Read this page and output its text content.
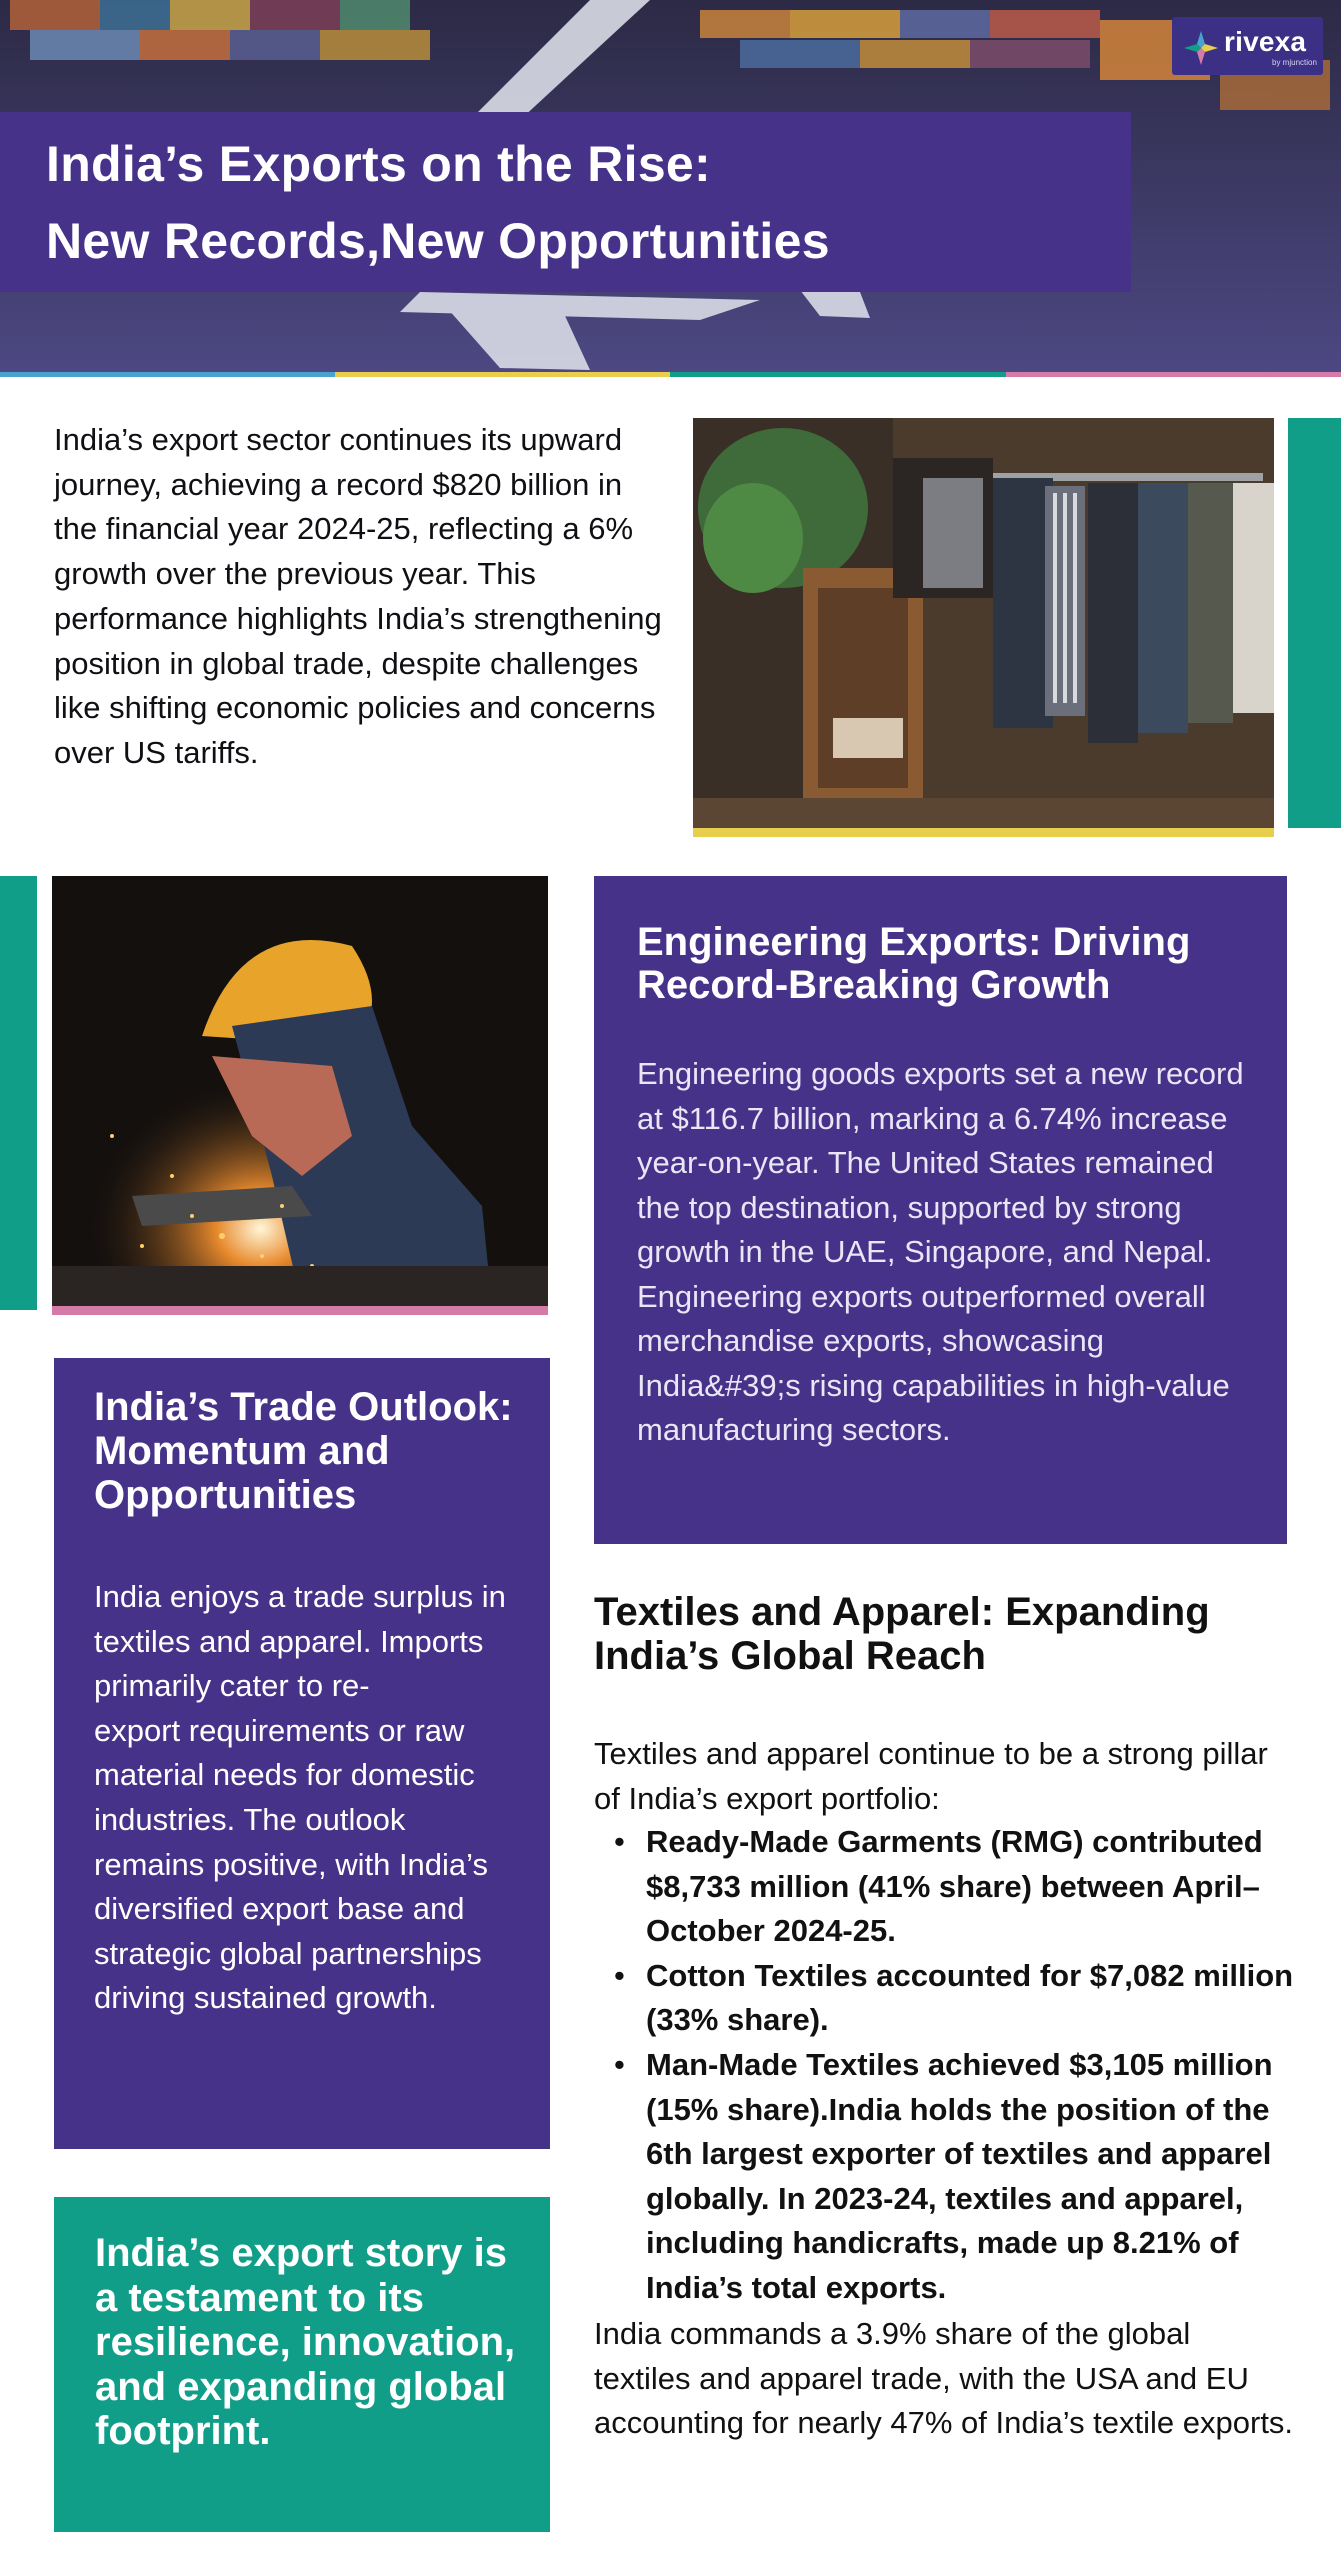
India’s Exports on the Rise:
New Records,New Opportunities
rivexa
by mjunction
India’s export sector continues its upward journey, achieving a record $820 billion in the financial year 2024-25, reflecting a 6% growth over the previous year. This performance highlights India’s strengthening position in global trade, despite challenges like shifting economic policies and concerns over US tariffs.
Engineering Exports: Driving Record-Breaking Growth
Engineering goods exports set a new record at $116.7 billion, marking a 6.74% increase year-on-year. The United States remained the top destination, supported by strong growth in the UAE, Singapore, and Nepal. Engineering exports outperformed overall merchandise exports, showcasing India&#39;s rising capabilities in high-value manufacturing sectors.
India’s Trade Outlook: Momentum and Opportunities
India enjoys a trade surplus in textiles and apparel. Imports primarily cater to re-
export requirements or raw material needs for domestic industries. The outlook remains positive, with India’s diversified export base and strategic global partnerships driving sustained growth.
India’s export story is a testament to its resilience, innovation, and expanding global footprint.
Textiles and Apparel: Expanding India’s Global Reach
Textiles and apparel continue to be a strong pillar of India’s export portfolio:
• Ready-Made Garments (RMG) contributed $8,733 million (41% share) between April–October 2024-25.
• Cotton Textiles accounted for $7,082 million (33% share).
• Man-Made Textiles achieved $3,105 million (15% share).India holds the position of the 6th largest exporter of textiles and apparel globally. In 2023-24, textiles and apparel, including handicrafts, made up 8.21% of India’s total exports.
India commands a 3.9% share of the global textiles and apparel trade, with the USA and EU accounting for nearly 47% of India’s textile exports.
